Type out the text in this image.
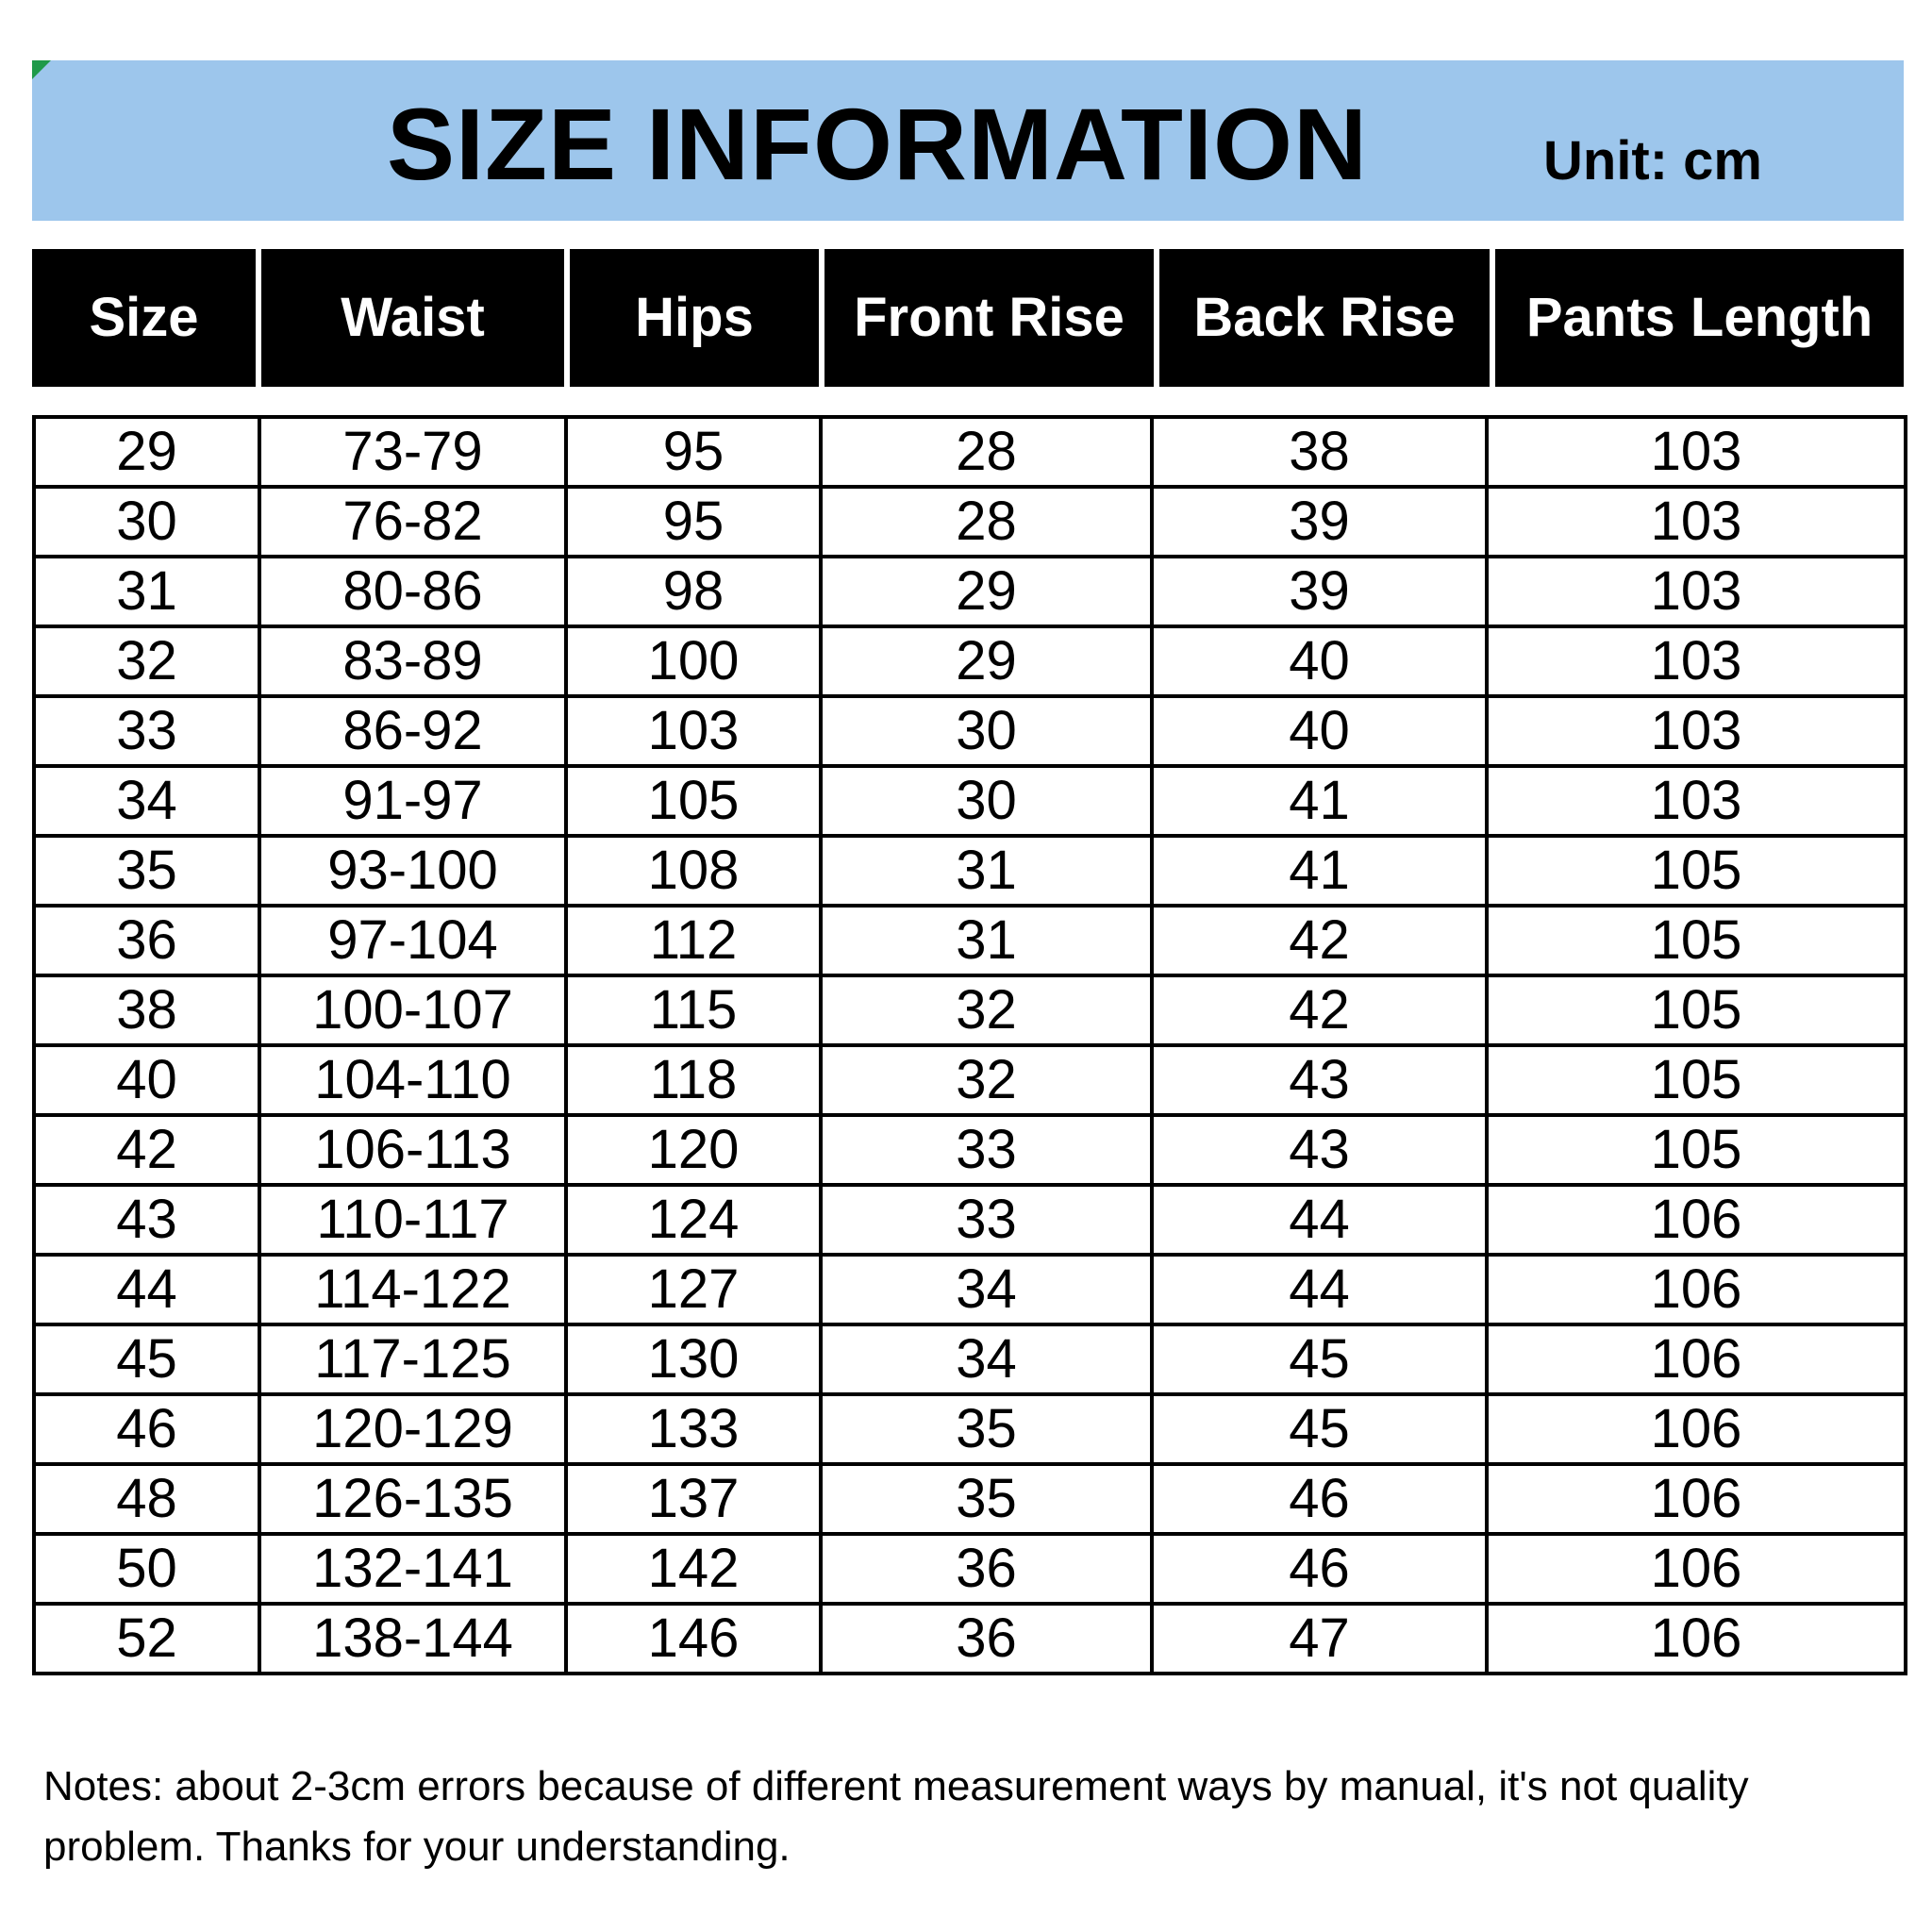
SIZE INFORMATION	Unit: cm
Size	Waist	Hips	Front Rise	Back Rise	Pants Length
29	73-79	95	28	38	103
30	76-82	95	28	39	103
31	80-86	98	29	39	103
32	83-89	100	29	40	103
33	86-92	103	30	40	103
34	91-97	105	30	41	103
35	93-100	108	31	41	105
36	97-104	112	31	42	105
38	100-107	115	32	42	105
40	104-110	118	32	43	105
42	106-113	120	33	43	105
43	110-117	124	33	44	106
44	114-122	127	34	44	106
45	117-125	130	34	45	106
46	120-129	133	35	45	106
48	126-135	137	35	46	106
50	132-141	142	36	46	106
52	138-144	146	36	47	106
Notes: about 2-3cm errors because of different measurement ways by manual, it's not quality problem. Thanks for your understanding.
